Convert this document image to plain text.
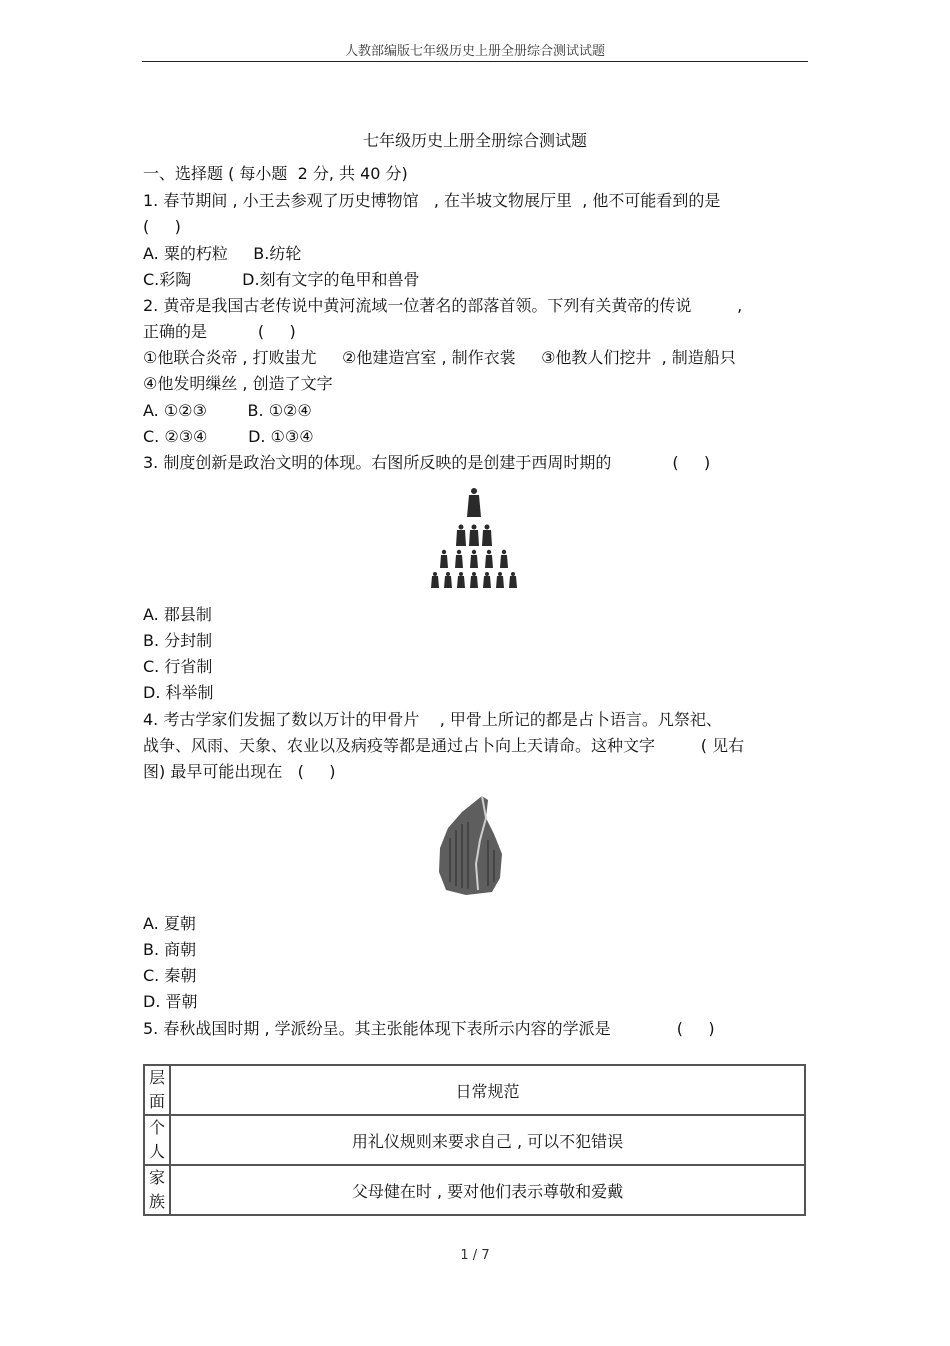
人教部编版七年级历史上册全册综合测试试题
七年级历史上册全册综合测试题
一、选择题 ( 每小题  2 分, 共 40 分)
1. 春节期间 , 小王去参观了历史博物馆   , 在半坡文物展厅里  , 他不可能看到的是
(     )
A. 粟的朽粒     B.纺轮
C.彩陶          D.刻有文字的龟甲和兽骨
2. 黄帝是我国古老传说中黄河流域一位著名的部落首领。下列有关黄帝的传说         ,
正确的是          (     )
①他联合炎帝 , 打败蚩尤     ②他建造宫室 , 制作衣裳     ③他教人们挖井  , 制造船只
④他发明缫丝 , 创造了文字
A. ①②③        B. ①②④
C. ②③④        D. ①③④
3. 制度创新是政治文明的体现。右图所反映的是创建于西周时期的            (     )
A. 郡县制
B. 分封制
C. 行省制
D. 科举制
4. 考古学家们发掘了数以万计的甲骨片    , 甲骨上所记的都是占卜语言。凡祭祀、
战争、风雨、天象、农业以及病疫等都是通过占卜向上天请命。这种文字         ( 见右
图) 最早可能出现在   (     )
A. 夏朝
B. 商朝
C. 秦朝
D. 晋朝
5. 春秋战国时期 , 学派纷呈。其主张能体现下表所示内容的学派是             (     )
层
面	日常规范
个
人	用礼仪规则来要求自己 , 可以不犯错误
家
族	父母健在时 , 要对他们表示尊敬和爱戴
1 / 7
